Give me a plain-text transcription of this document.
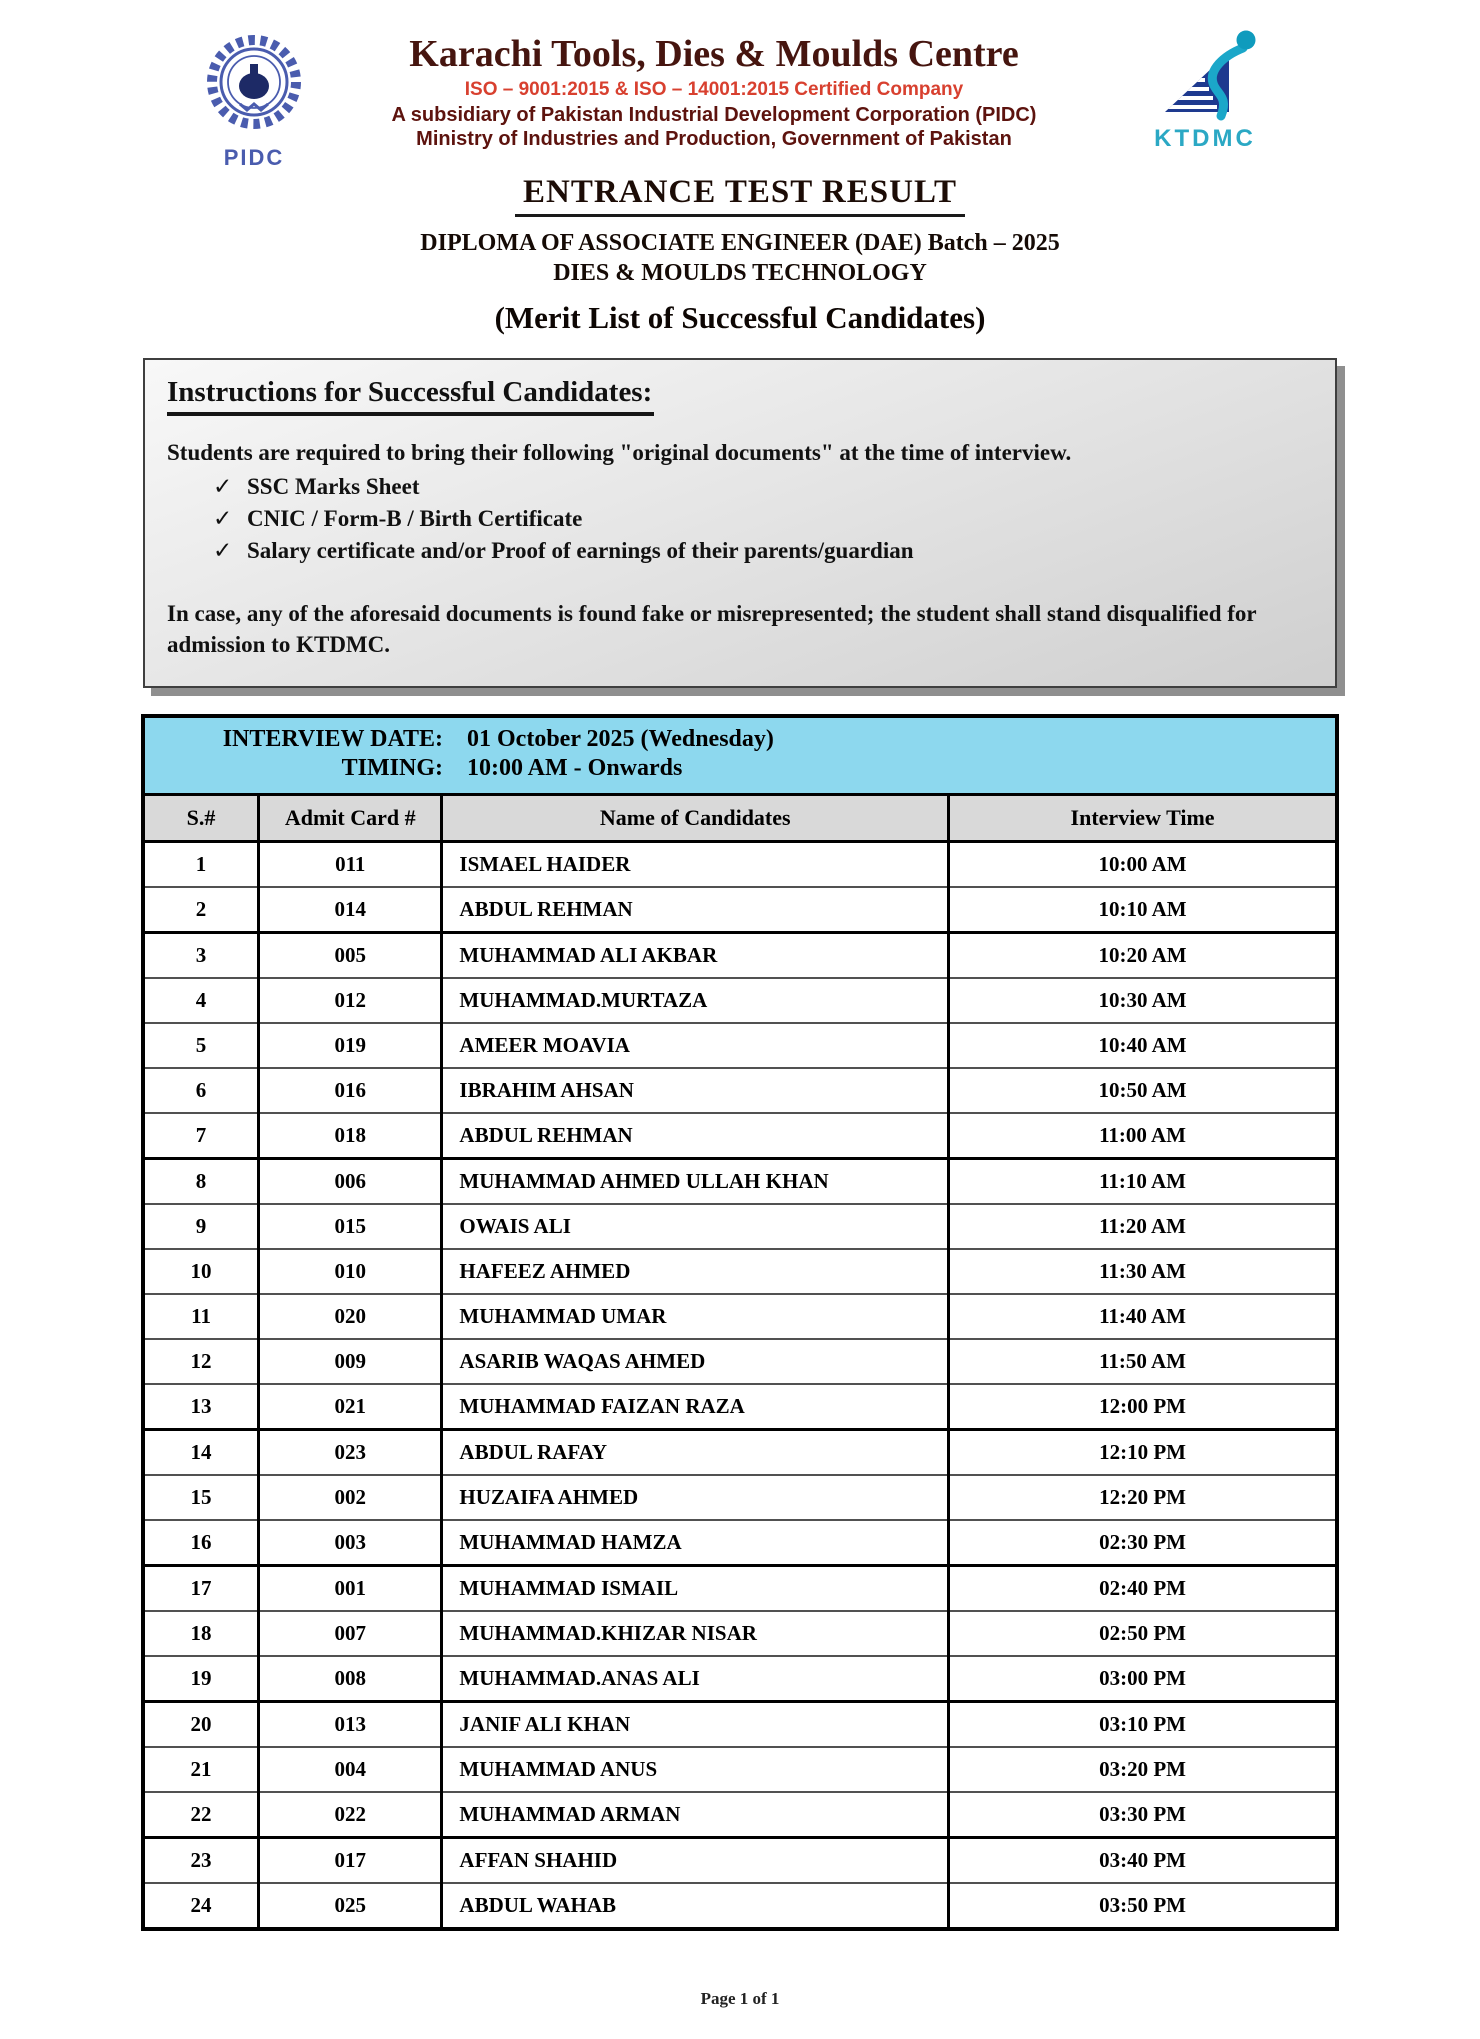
PIDC
Karachi Tools, Dies & Moulds Centre
ISO – 9001:2015 & ISO – 14001:2015 Certified Company
A subsidiary of Pakistan Industrial Development Corporation (PIDC)
Ministry of Industries and Production, Government of Pakistan	KTDMC
ENTRANCE TEST RESULT
DIPLOMA OF ASSOCIATE ENGINEER (DAE) Batch – 2025
DIES & MOULDS TECHNOLOGY
(Merit List of Successful Candidates)
Instructions for Successful Candidates:

Students are required to bring their following "original documents" at the time of interview.

✓ SSC Marks Sheet
✓ CNIC / Form-B / Birth Certificate
✓ Salary certificate and/or Proof of earnings of their parents/guardian

In case, any of the aforesaid documents is found fake or misrepresented; the student shall stand disqualified for admission to KTDMC.

INTERVIEW DATE: 01 October 2025 (Wednesday)
TIMING: 10:00 AM - Onwards			

S.#	Admit Card #	Name of Candidates	Interview Time
1	011	ISMAEL HAIDER	10:00 AM
2	014	ABDUL REHMAN	10:10 AM
3	005	MUHAMMAD ALI AKBAR	10:20 AM
4	012	MUHAMMAD.MURTAZA	10:30 AM
5	019	AMEER MOAVIA	10:40 AM
6	016	IBRAHIM AHSAN	10:50 AM
7	018	ABDUL REHMAN	11:00 AM
8	006	MUHAMMAD AHMED ULLAH KHAN	11:10 AM
9	015	OWAIS ALI	11:20 AM
10	010	HAFEEZ AHMED	11:30 AM
11	020	MUHAMMAD UMAR	11:40 AM
12	009	ASARIB WAQAS AHMED	11:50 AM
13	021	MUHAMMAD FAIZAN RAZA	12:00 PM
14	023	ABDUL RAFAY	12:10 PM
15	002	HUZAIFA AHMED	12:20 PM
16	003	MUHAMMAD HAMZA	02:30 PM
17	001	MUHAMMAD ISMAIL	02:40 PM
18	007	MUHAMMAD.KHIZAR NISAR	02:50 PM
19	008	MUHAMMAD.ANAS ALI	03:00 PM
20	013	JANIF ALI KHAN	03:10 PM
21	004	MUHAMMAD ANUS	03:20 PM
22	022	MUHAMMAD ARMAN	03:30 PM
23	017	AFFAN SHAHID	03:40 PM
24	025	ABDUL WAHAB	03:50 PM
Page 1 of 1
